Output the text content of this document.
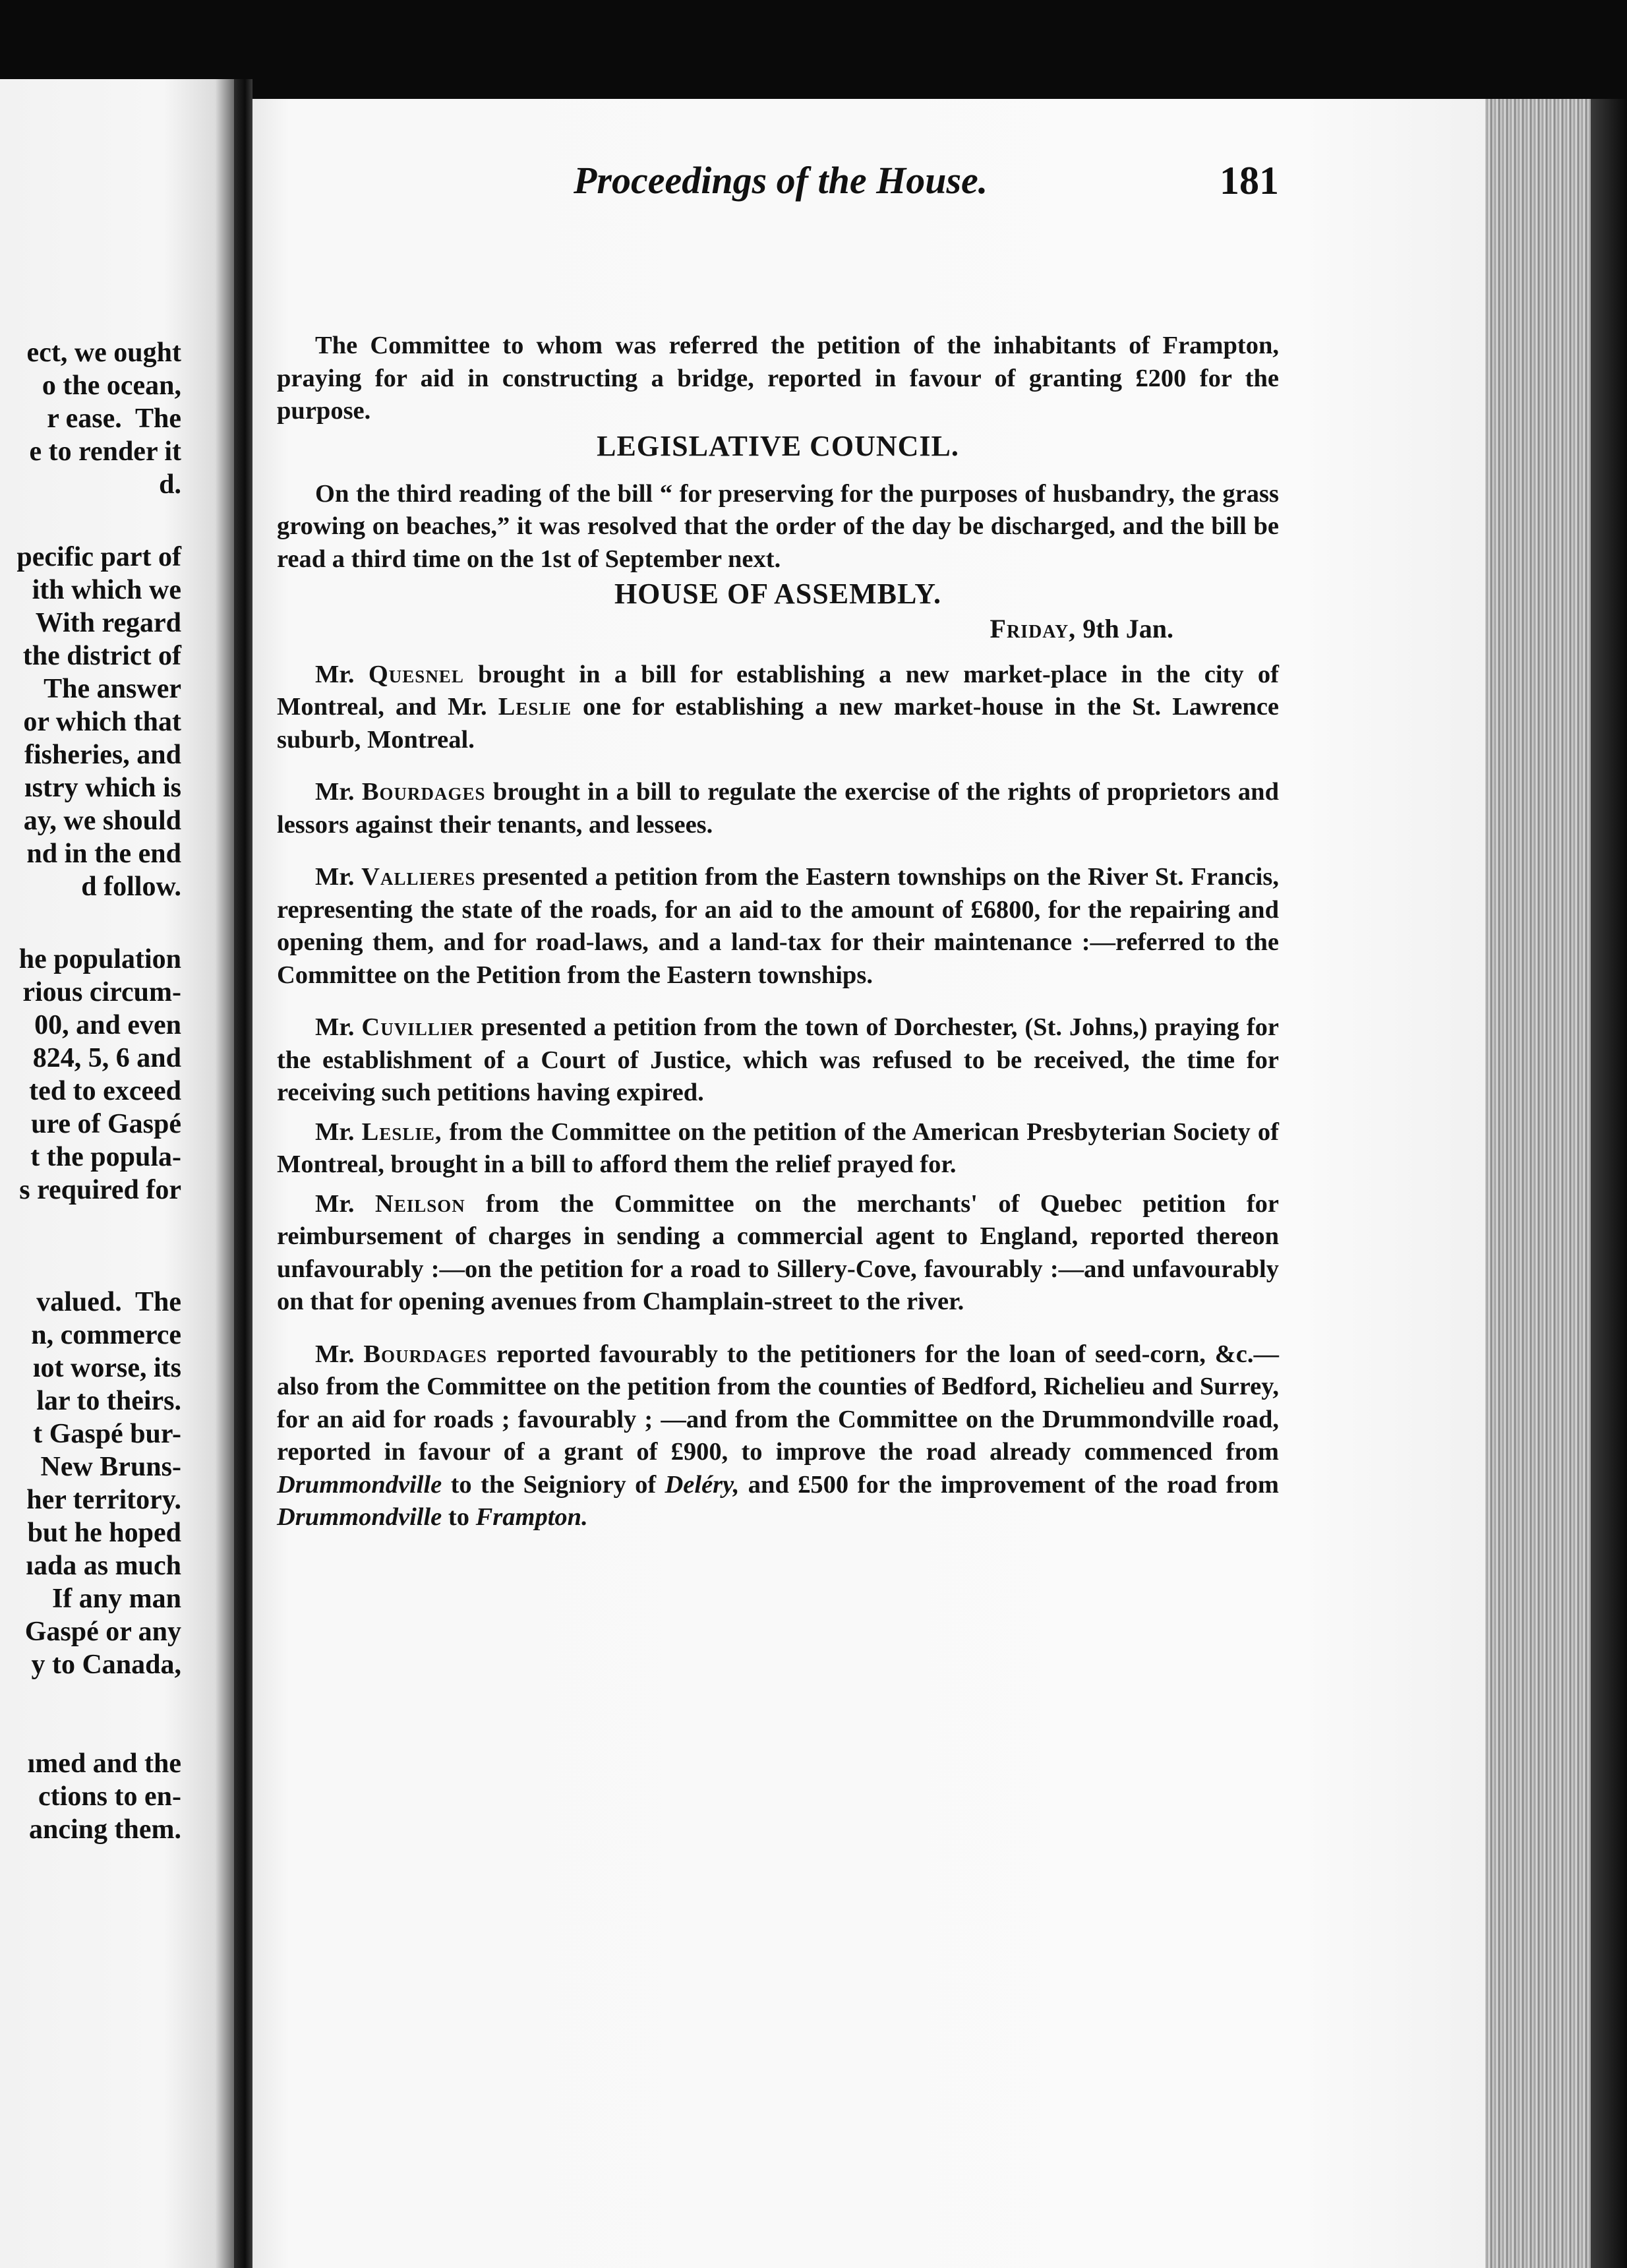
ect, we ought
o the ocean,
r ease.  The
e to render it
d.
pecific part of
ith which we
With regard
the district of
The answer
or which that
fisheries, and
ıstry which is
ay, we should
nd in the end
d follow.
he population
rious circum-
00, and even
824, 5, 6 and
ted to exceed
ure of Gaspé
t the popula-
s required for
valued.  The
n, commerce
ıot worse, its
lar to theirs.
t Gaspé bur-
New Bruns-
her territory.
but he hoped
ıada as much
If any man
Gaspé or any
y to Canada,
ımed and the
ctions to en-
ancing them.
Proceedings of the House.	181

The Committee to whom was referred the petition of the inhabitants of Frampton, praying for aid in constructing a bridge, reported in favour of granting £200 for the purpose.

LEGISLATIVE COUNCIL.

On the third reading of the bill “ for preserving for the purposes of husbandry, the grass growing on beaches,” it was resolved that the order of the day be discharged, and the bill be read a third time on the 1st of September next.

HOUSE OF ASSEMBLY.

Friday, 9th Jan.

Mr. Quesnel brought in a bill for establishing a new market-place in the city of Montreal, and Mr. Leslie one for establishing a new market-house in the St. Lawrence suburb, Montreal.

Mr. Bourdages brought in a bill to regulate the exercise of the rights of proprietors and lessors against their tenants, and lessees.

Mr. Vallieres presented a petition from the Eastern townships on the River St. Francis, representing the state of the roads, for an aid to the amount of £6800, for the repairing and opening them, and for road-laws, and a land-tax for their maintenance :—referred to the Committee on the Petition from the Eastern townships.

Mr. Cuvillier presented a petition from the town of Dorchester, (St. Johns,) praying for the establishment of a Court of Justice, which was refused to be received, the time for receiving such petitions having expired.

Mr. Leslie, from the Committee on the petition of the American Presbyterian Society of Montreal, brought in a bill to afford them the relief prayed for.

Mr. Neilson from the Committee on the merchants' of Quebec petition for reimbursement of charges in sending a commercial agent to England, reported thereon unfavourably :—on the petition for a road to Sillery-Cove, favourably :—and unfavourably on that for opening avenues from Champlain-street to the river.

Mr. Bourdages reported favourably to the petitioners for the loan of seed-corn, &c.—also from the Committee on the petition from the counties of Bedford, Richelieu and Surrey, for an aid for roads ; favourably ; —and from the Committee on the Drummondville road, reported in favour of a grant of £900, to improve the road already commenced from Drummondville to the Seigniory of Deléry, and £500 for the improvement of the road from Drummondville to Frampton.
